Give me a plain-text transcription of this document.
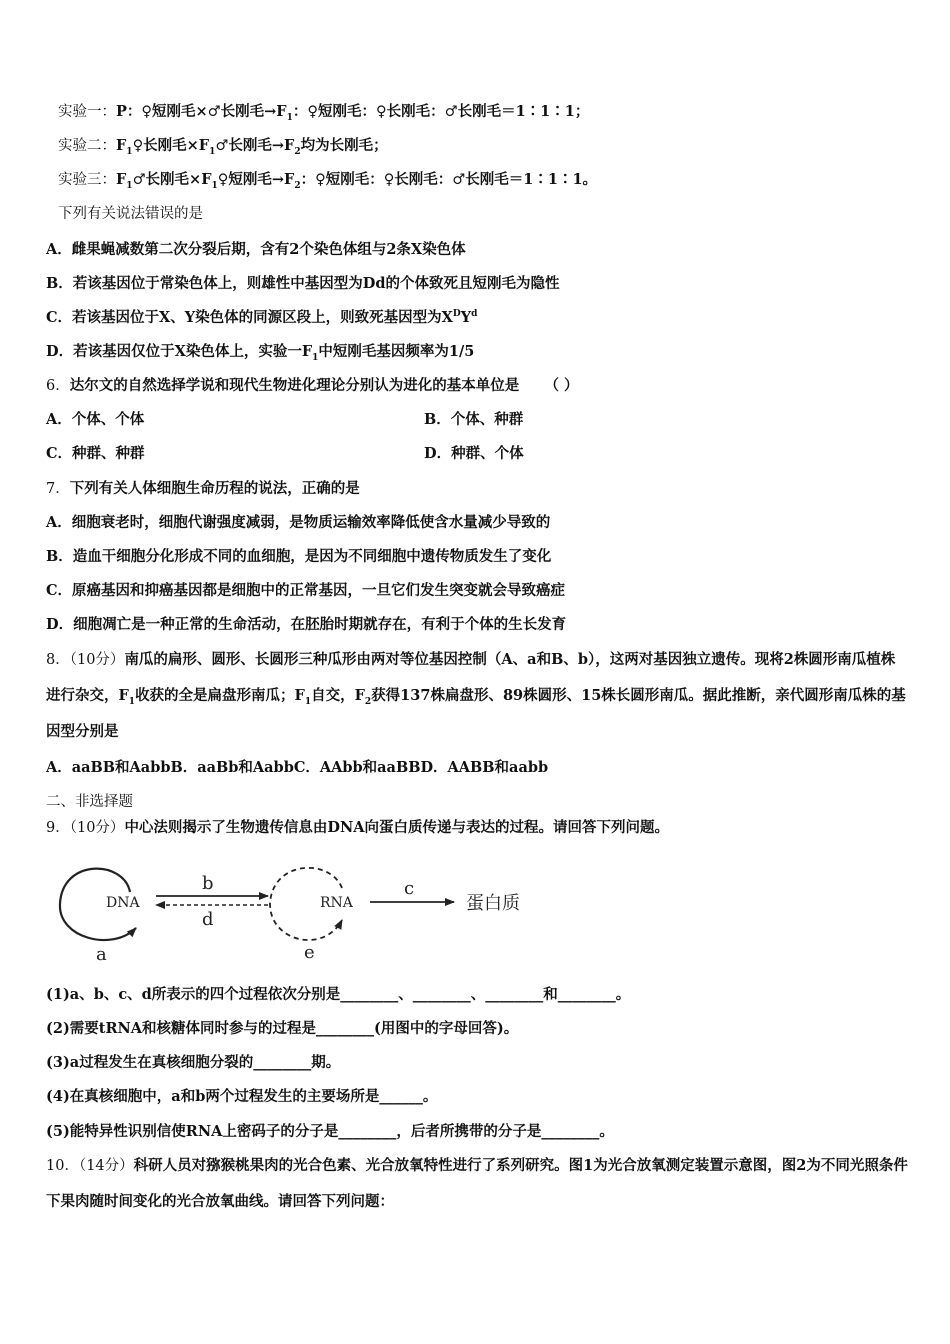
实验一：P：♀短刚毛×♂长刚毛$\to F_1$：♀短刚毛：♀长刚毛：♂长刚毛＝1∶1∶1；
实验二：$F_1♀$长刚毛$\times F_1♂$长刚毛$\to F_2$均为长刚毛；
实验三：$F_1♂$长刚毛$\times F_1♀$短刚毛$\to F_2$：♀短刚毛：♀长刚毛：♂长刚毛＝1∶1∶1。
下列有关说法错误的是
A．雌果蝇减数第二次分裂后期，含有2个染色体组与2条X染色体
B．若该基因位于常染色体上，则雄性中基因型为Dd的个体致死且短刚毛为隐性
C．若该基因位于X、Y染色体的同源区段上，则致死基因型为$X^DY^d$
D．若该基因仅位于X染色体上，实验一$F_1$中短刚毛基因频率为1/5
6．达尔文的自然选择学说和现代生物进化理论分别认为进化的基本单位是 （ ）
A．个体、个体	B．个体、种群
C．种群、种群	D．种群、个体
7．下列有关人体细胞生命历程的说法，正确的是
A．细胞衰老时，细胞代谢强度减弱，是物质运输效率降低使含水量减少导致的
B．造血干细胞分化形成不同的血细胞，是因为不同细胞中遗传物质发生了变化
C．原癌基因和抑癌基因都是细胞中的正常基因，一旦它们发生突变就会导致癌症
D．细胞凋亡是一种正常的生命活动，在胚胎时期就存在，有利于个体的生长发育
8．（10分）南瓜的扁形、圆形、长圆形三种瓜形由两对等位基因控制（A、a和B、b），这两对基因独立遗传。现将2株圆形南瓜植株进行杂交，$F_1$收获的全是扁盘形南瓜；$F_1$自交，$F_2$获得137株扁盘形、89株圆形、15株长圆形南瓜。据此推断，亲代圆形南瓜株的基因型分别是
A．aaBB和AabbB．aaBb和AabbC．AAbb和aaBBD．AABB和aabb
二、非选择题
9．（10分）中心法则揭示了生物遗传信息由DNA向蛋白质传递与表达的过程。请回答下列问题。
DNA	RNA	蛋白质
a
b	c
d
e
(1)a、b、c、d所表示的四个过程依次分别是________、________、________和________。
(2)需要tRNA和核糖体同时参与的过程是________(用图中的字母回答)。
(3)a过程发生在真核细胞分裂的________期。
(4)在真核细胞中，a和b两个过程发生的主要场所是______。
(5)能特异性识别信使RNA上密码子的分子是________，后者所携带的分子是________。
10．（14分）科研人员对猕猴桃果肉的光合色素、光合放氧特性进行了系列研究。图1为光合放氧测定装置示意图，图2为不同光照条件下果肉随时间变化的光合放氧曲线。请回答下列问题：
